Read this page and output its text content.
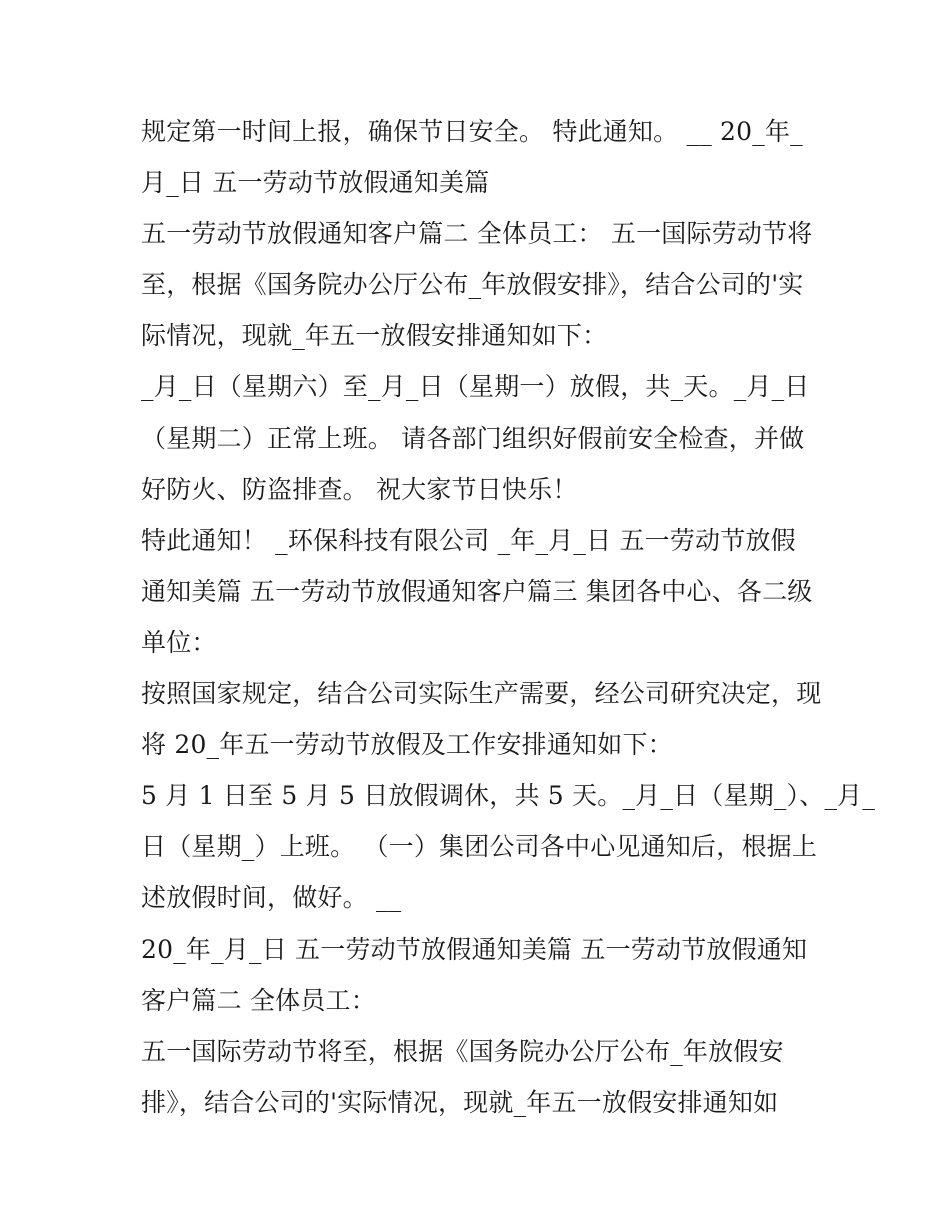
规定第一时间上报，确保节日安全。 特此通知。 __ 20_年_
月_日 五一劳动节放假通知美篇
五一劳动节放假通知客户篇二 全体员工： 五一国际劳动节将
至，根据《国务院办公厅公布_年放假安排》，结合公司的'实
际情况，现就_年五一放假安排通知如下：
_月_日（星期六）至_月_日（星期一）放假，共_天。_月_日
（星期二）正常上班。 请各部门组织好假前安全检查，并做
好防火、防盗排查。 祝大家节日快乐！
特此通知！ _环保科技有限公司 _年_月_日 五一劳动节放假
通知美篇 五一劳动节放假通知客户篇三 集团各中心、各二级
单位：
按照国家规定，结合公司实际生产需要，经公司研究决定，现
将 20_年五一劳动节放假及工作安排通知如下：
5 月 1 日至 5 月 5 日放假调休，共 5 天。_月_日（星期_）、_月_
日（星期_）上班。 （一）集团公司各中心见通知后，根据上
述放假时间，做好。 __
20_年_月_日 五一劳动节放假通知美篇 五一劳动节放假通知
客户篇二 全体员工：
五一国际劳动节将至，根据《国务院办公厅公布_年放假安
排》，结合公司的'实际情况，现就_年五一放假安排通知如
